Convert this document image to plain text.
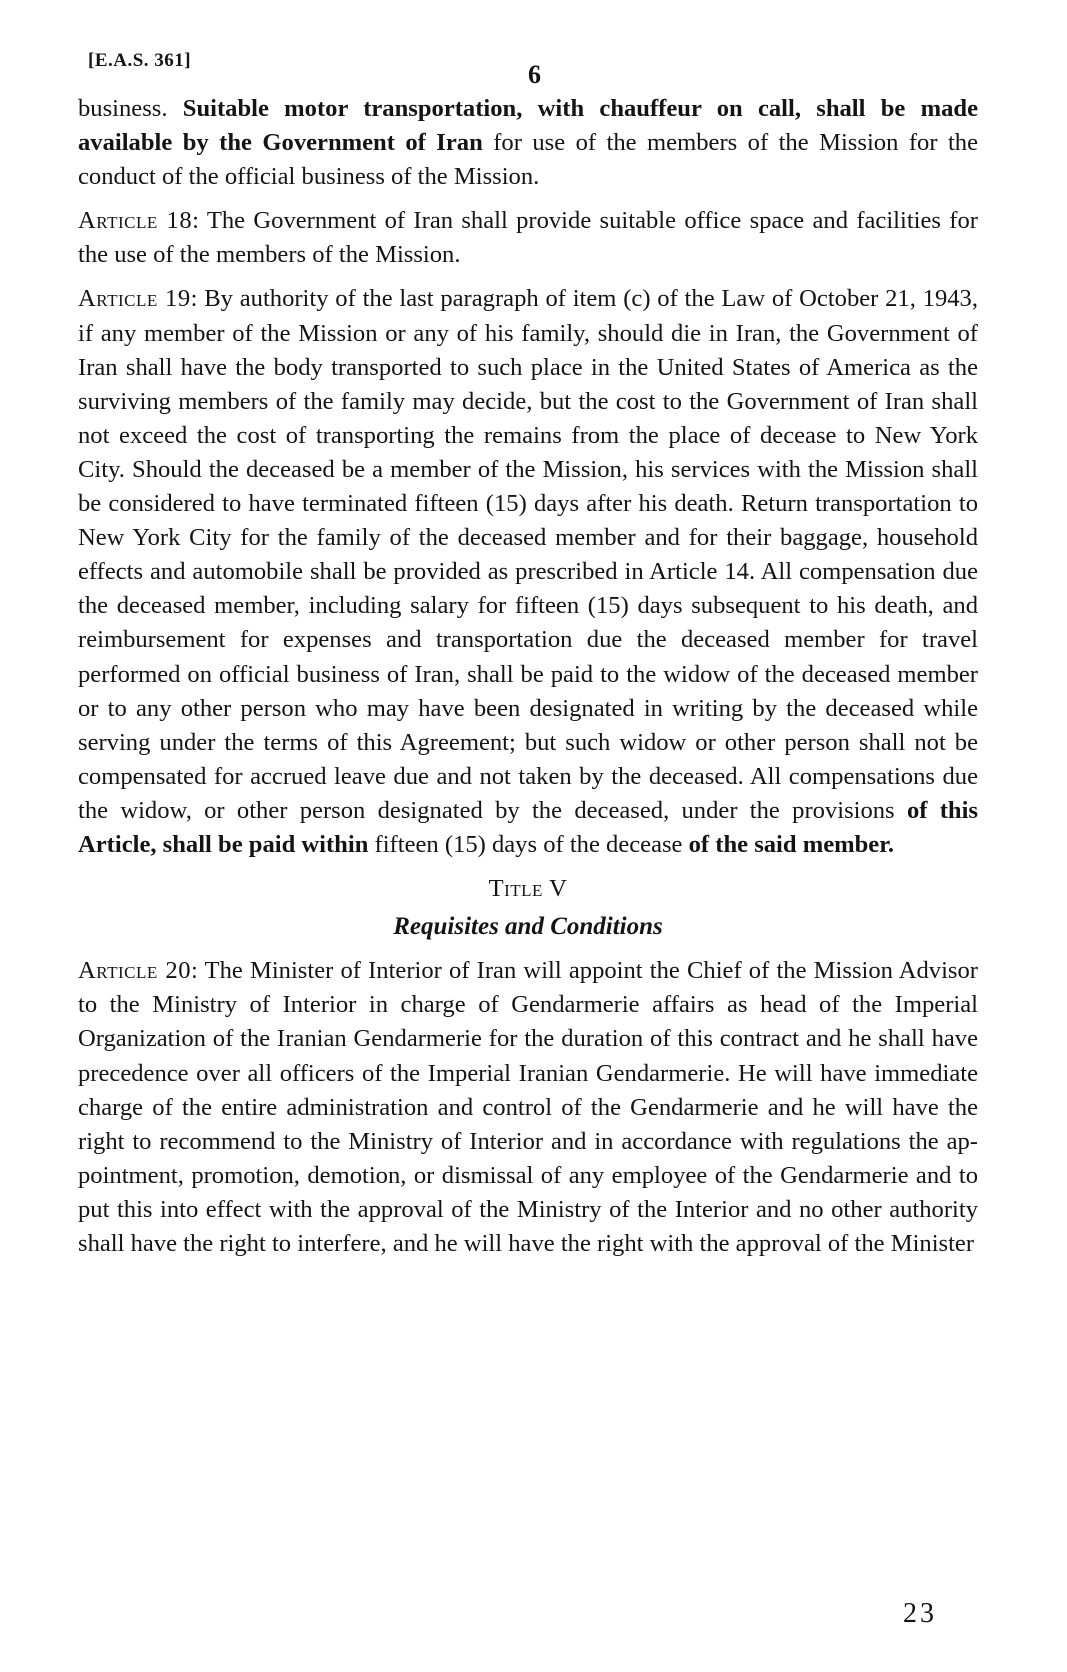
[E.A.S. 361]	6

business. Suitable motor transportation, with chauffeur on call, shall be made available by the Government of Iran for use of the members of the Mission for the conduct of the official business of the Mission.

Article 18: The Government of Iran shall provide suitable office space and facilities for the use of the members of the Mission.

Article 19: By authority of the last paragraph of item (c) of the Law of October 21, 1943, if any member of the Mission or any of his family, should die in Iran, the Government of Iran shall have the body transported to such place in the United States of America as the surviving members of the family may decide, but the cost to the Government of Iran shall not exceed the cost of transporting the remains from the place of decease to New York City. Should the deceased be a member of the Mission, his services with the Mission shall be considered to have terminated fifteen (15) days after his death. Return transportation to New York City for the family of the deceased member and for their baggage, household effects and automobile shall be provided as prescribed in Article 14. All compensation due the deceased member, including salary for fifteen (15) days subsequent to his death, and reimbursement for expenses and transportation due the deceased member for travel performed on official business of Iran, shall be paid to the widow of the deceased member or to any other person who may have been designated in writing by the deceased while serving under the terms of this Agreement; but such widow or other person shall not be compensated for accrued leave due and not taken by the deceased. All compensations due the widow, or other person designated by the deceased, under the provisions of this Article, shall be paid within fifteen (15) days of the decease of the said member.

Title V
Requisites and Conditions

Article 20: The Minister of Interior of Iran will appoint the Chief of the Mission Advisor to the Ministry of Interior in charge of Gendarmerie affairs as head of the Imperial Organization of the Iranian Gendarmerie for the duration of this contract and he shall have precedence over all officers of the Imperial Iranian Gendarmerie. He will have immediate charge of the entire administration and control of the Gendarmerie and he will have the right to recommend to the Ministry of Interior and in accordance with regulations the appointment, promotion, demotion, or dismissal of any employee of the Gendarmerie and to put this into effect with the approval of the Ministry of the Interior and no other authority shall have the right to interfere, and he will have the right with the approval of the Minister

23
